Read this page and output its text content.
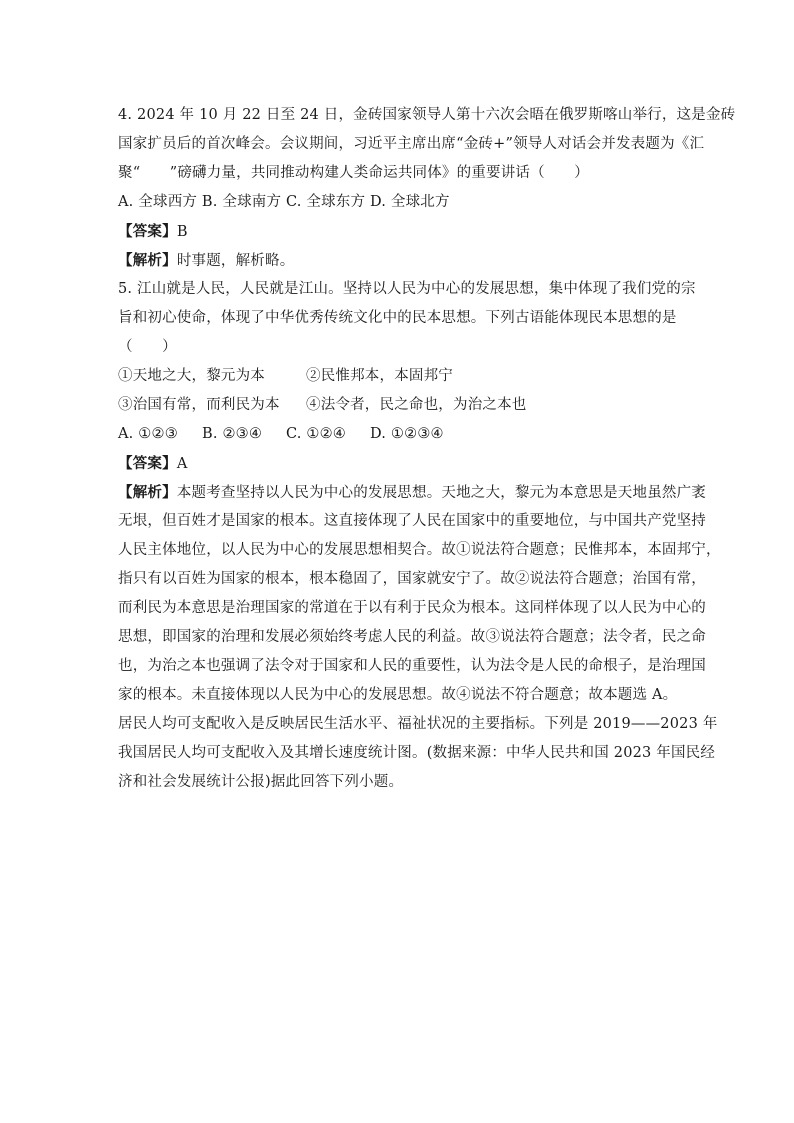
4. 2024 年 10 月 22 日至 24 日，金砖国家领导人第十六次会晤在俄罗斯喀山举行，这是金砖
国家扩员后的首次峰会。会议期间，习近平主席出席“金砖+”领导人对话会并发表题为《汇
聚“　　”磅礴力量，共同推动构建人类命运共同体》的重要讲话（　　）
A. 全球西方 B. 全球南方 C. 全球东方 D. 全球北方
【答案】B
【解析】时事题，解析略。
5. 江山就是人民，人民就是江山。坚持以人民为中心的发展思想，集中体现了我们党的宗
旨和初心使命，体现了中华优秀传统文化中的民本思想。下列古语能体现民本思想的是
（　　）
①天地之大，黎元为本	②民惟邦本，本固邦宁
③治国有常，而利民为本 ④法令者，民之命也，为治之本也
A. ①②③ B. ②③④ C. ①②④ D. ①②③④
【答案】A
【解析】本题考查坚持以人民为中心的发展思想。天地之大，黎元为本意思是天地虽然广袤
无垠，但百姓才是国家的根本。这直接体现了人民在国家中的重要地位，与中国共产党坚持
人民主体地位，以人民为中心的发展思想相契合。故①说法符合题意；民惟邦本，本固邦宁，
指只有以百姓为国家的根本，根本稳固了，国家就安宁了。故②说法符合题意；治国有常，
而利民为本意思是治理国家的常道在于以有利于民众为根本。这同样体现了以人民为中心的
思想，即国家的治理和发展必须始终考虑人民的利益。故③说法符合题意；法令者，民之命
也，为治之本也强调了法令对于国家和人民的重要性，认为法令是人民的命根子，是治理国
家的根本。未直接体现以人民为中心的发展思想。故④说法不符合题意；故本题选 A。
居民人均可支配收入是反映居民生活水平、福祉状况的主要指标。下列是 2019——2023 年
我国居民人均可支配收入及其增长速度统计图。(数据来源：中华人民共和国 2023 年国民经
济和社会发展统计公报)据此回答下列小题。
